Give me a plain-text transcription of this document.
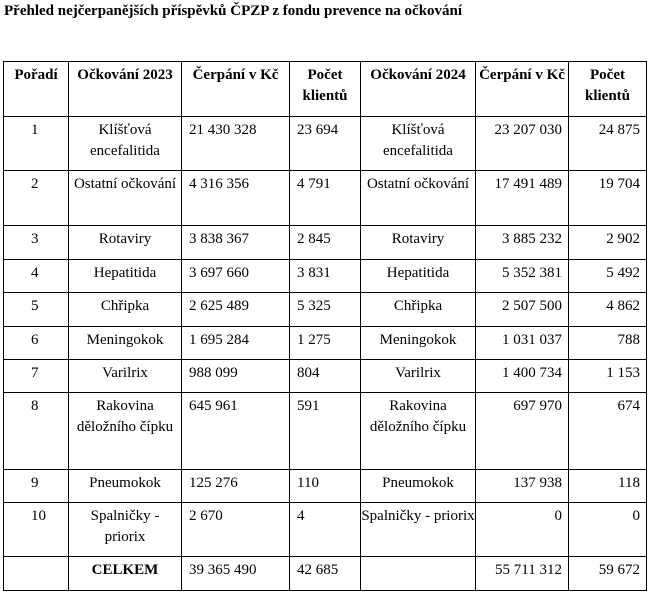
Přehled nejčerpanějších příspěvků ČPZP z fondu prevence na očkování
Pořadí	Očkování 2023	Čerpání v Kč	Počet klientů	Očkování 2024	Čerpání v Kč	Počet klientů
1	Klíšťová encefalitida	21 430 328	23 694	Klíšťová encefalitida	23 207 030	24 875
2	Ostatní očkování	4 316 356	4 791	Ostatní očkování	17 491 489	19 704
3	Rotaviry	3 838 367	2 845	Rotaviry	3 885 232	2 902
4	Hepatitida	3 697 660	3 831	Hepatitida	5 352 381	5 492
5	Chřipka	2 625 489	5 325	Chřipka	2 507 500	4 862
6	Meningokok	1 695 284	1 275	Meningokok	1 031 037	788
7	Varilrix	988 099	804	Varilrix	1 400 734	1 153
8	Rakovina děložního čípku	645 961	591	Rakovina děložního čípku	697 970	674
9	Pneumokok	125 276	110	Pneumokok	137 938	118
10	Spalničky - priorix	2 670	4	Spalničky - priorix	0	0
	CELKEM	39 365 490	42 685		55 711 312	59 672
